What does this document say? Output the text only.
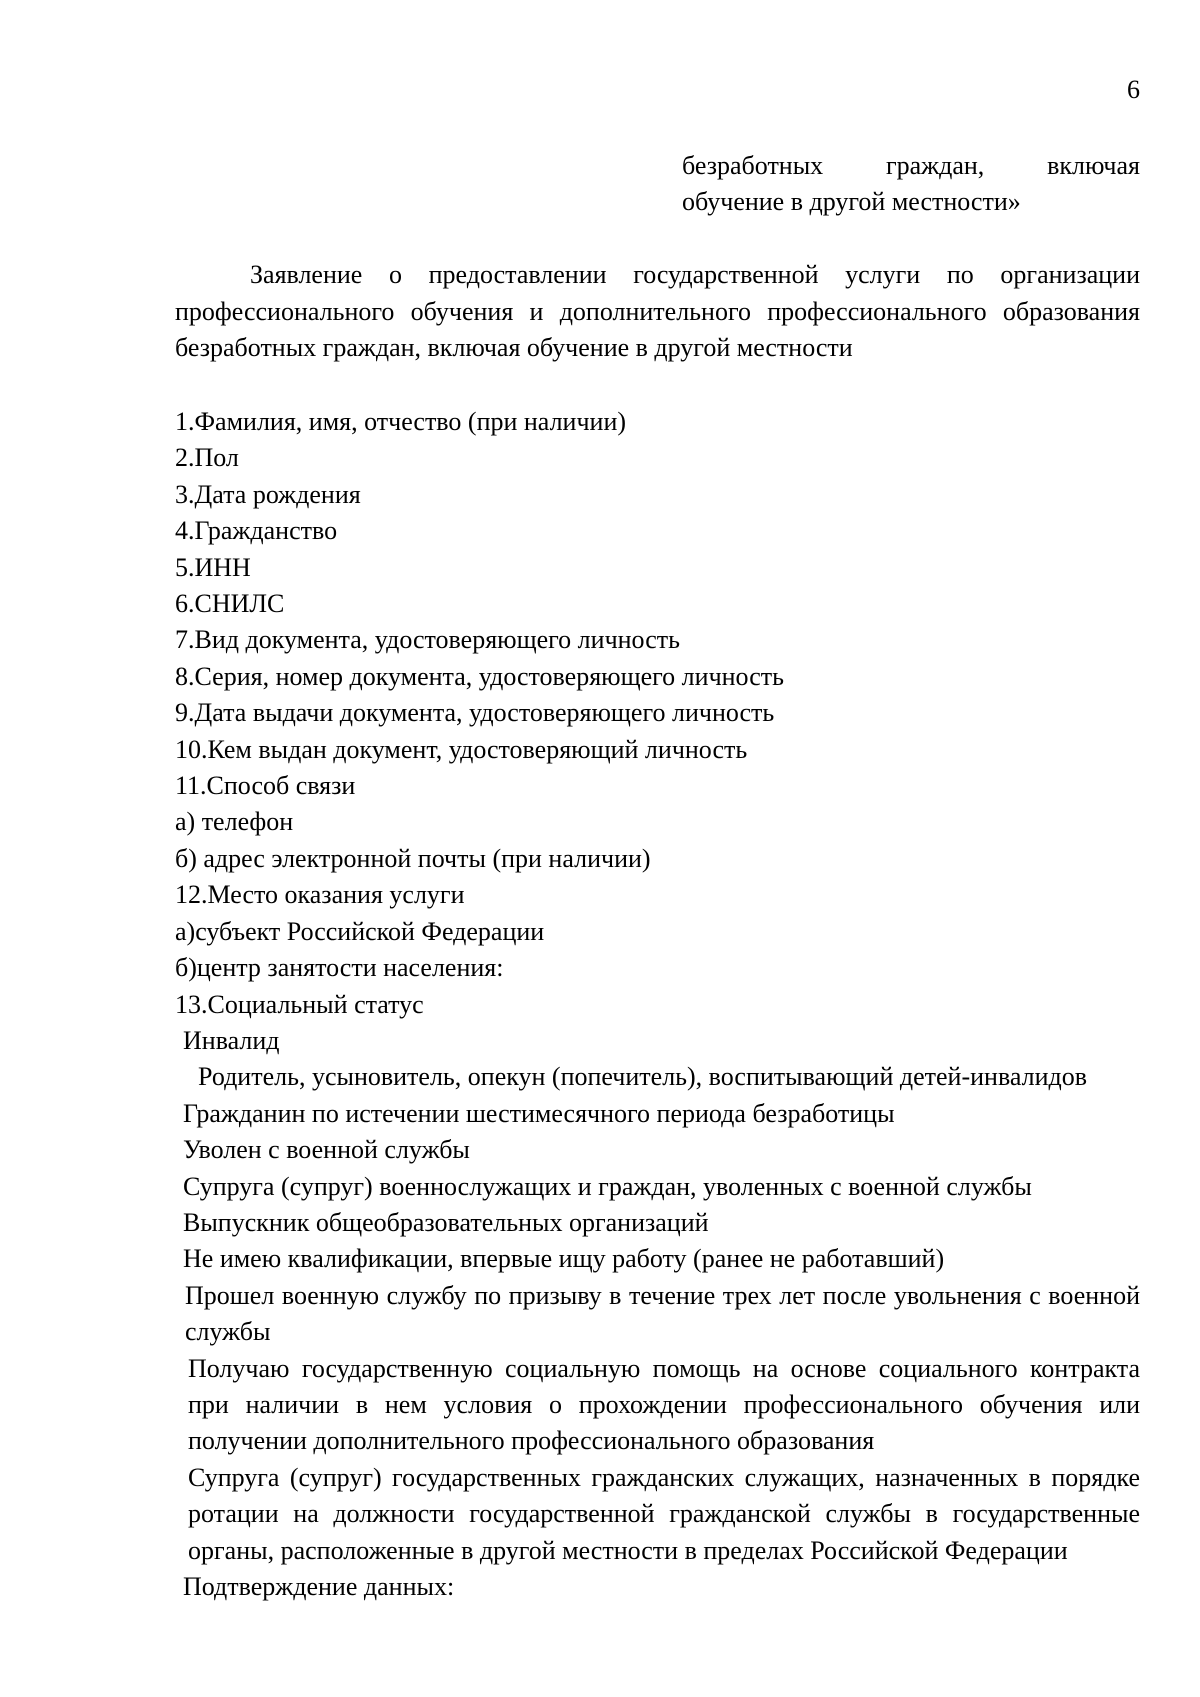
6
безработных граждан, включая
обучение в другой местности»
Заявление о предоставлении государственной услуги по организации профессионального обучения и дополнительного профессионального образования безработных граждан, включая обучение в другой местности
1.Фамилия, имя, отчество (при наличии)
2.Пол
3.Дата рождения
4.Гражданство
5.ИНН
6.СНИЛС
7.Вид документа, удостоверяющего личность
8.Серия, номер документа, удостоверяющего личность
9.Дата выдачи документа, удостоверяющего личность
10.Кем выдан документ, удостоверяющий личность
11.Способ связи
а) телефон
б) адрес электронной почты (при наличии)
12.Место оказания услуги
а)субъект Российской Федерации
б)центр занятости населения:
13.Социальный статус
Инвалид
Родитель, усыновитель, опекун (попечитель), воспитывающий детей-инвалидов
Гражданин по истечении шестимесячного периода безработицы
Уволен с военной службы
Супруга (супруг) военнослужащих и граждан, уволенных с военной службы
Выпускник общеобразовательных организаций
Не имею квалификации, впервые ищу работу (ранее не работавший)
Прошел военную службу по призыву в течение трех лет после увольнения с военной службы
Получаю государственную социальную помощь на основе социального контракта при наличии в нем условия о прохождении профессионального обучения или получении дополнительного профессионального образования
Супруга (супруг) государственных гражданских служащих, назначенных в порядке ротации на должности государственной гражданской службы в государственные органы, расположенные в другой местности в пределах Российской Федерации
Подтверждение данных:
